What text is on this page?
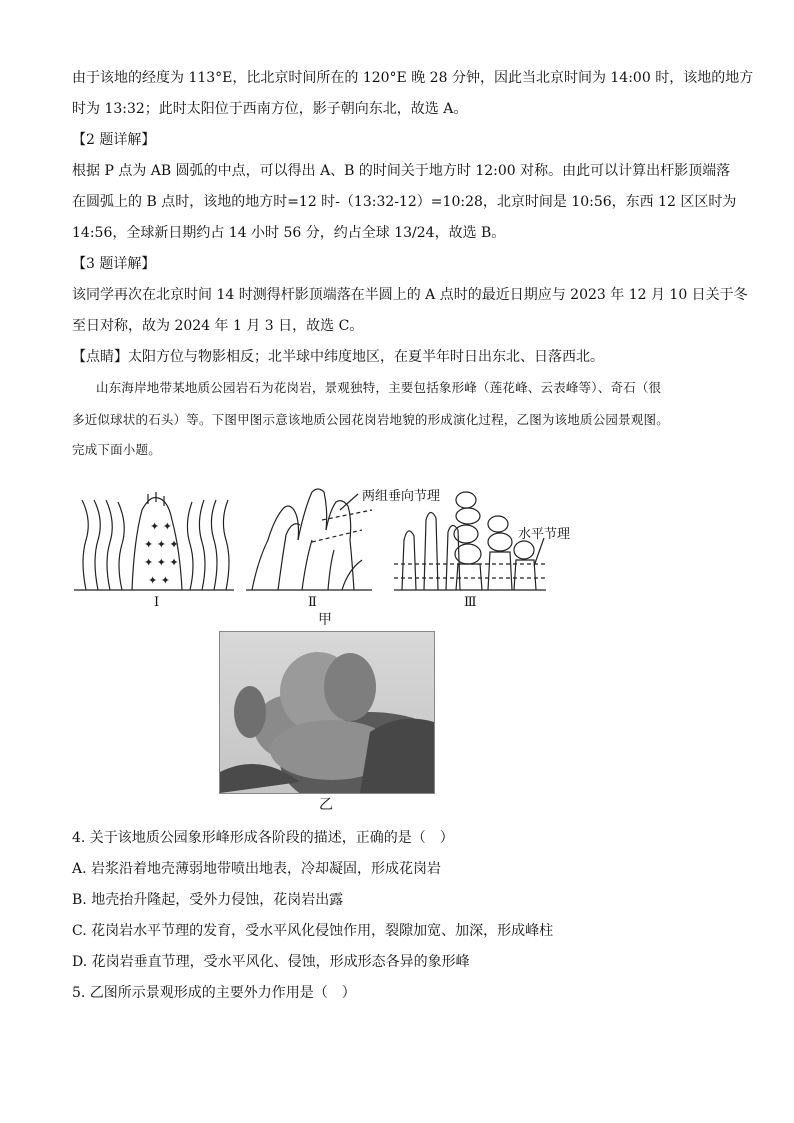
由于该地的经度为 113°E，比北京时间所在的 120°E 晚 28 分钟，因此当北京时间为 14:00 时，该地的地方
时为 13:32；此时太阳位于西南方位，影子朝向东北，故选 A。
【2 题详解】
根据 P 点为 AB 圆弧的中点，可以得出 A、B 的时间关于地方时 12:00 对称。由此可以计算出杆影顶端落
在圆弧上的 B 点时，该地的地方时=12 时-（13:32-12）=10:28，北京时间是 10:56，东西 12 区区时为
14:56，全球新日期约占 14 小时 56 分，约占全球 13/24，故选 B。
【3 题详解】
该同学再次在北京时间 14 时测得杆影顶端落在半圆上的 A 点时的最近日期应与 2023 年 12 月 10 日关于冬
至日对称，故为 2024 年 1 月 3 日，故选 C。
【点睛】太阳方位与物影相反；北半球中纬度地区，在夏半年时日出东北、日落西北。
山东海岸地带某地质公园岩石为花岗岩，景观独特，主要包括象形峰（莲花峰、云表峰等）、奇石（很
多近似球状的石头）等。下图甲图示意该地质公园花岗岩地貌的形成演化过程，乙图为该地质公园景观图。
完成下面小题。
✦ ✦
✦ ✦ ✦
✦ ✦ ✦
✦ ✦
两组垂向节理
水平节理
Ⅰ	Ⅱ	Ⅲ
甲
乙
4. 关于该地质公园象形峰形成各阶段的描述，正确的是（　）
A. 岩浆沿着地壳薄弱地带喷出地表，冷却凝固，形成花岗岩
B. 地壳抬升隆起，受外力侵蚀，花岗岩出露
C. 花岗岩水平节理的发育，受水平风化侵蚀作用，裂隙加宽、加深，形成峰柱
D. 花岗岩垂直节理，受水平风化、侵蚀，形成形态各异的象形峰
5. 乙图所示景观形成的主要外力作用是（　）
